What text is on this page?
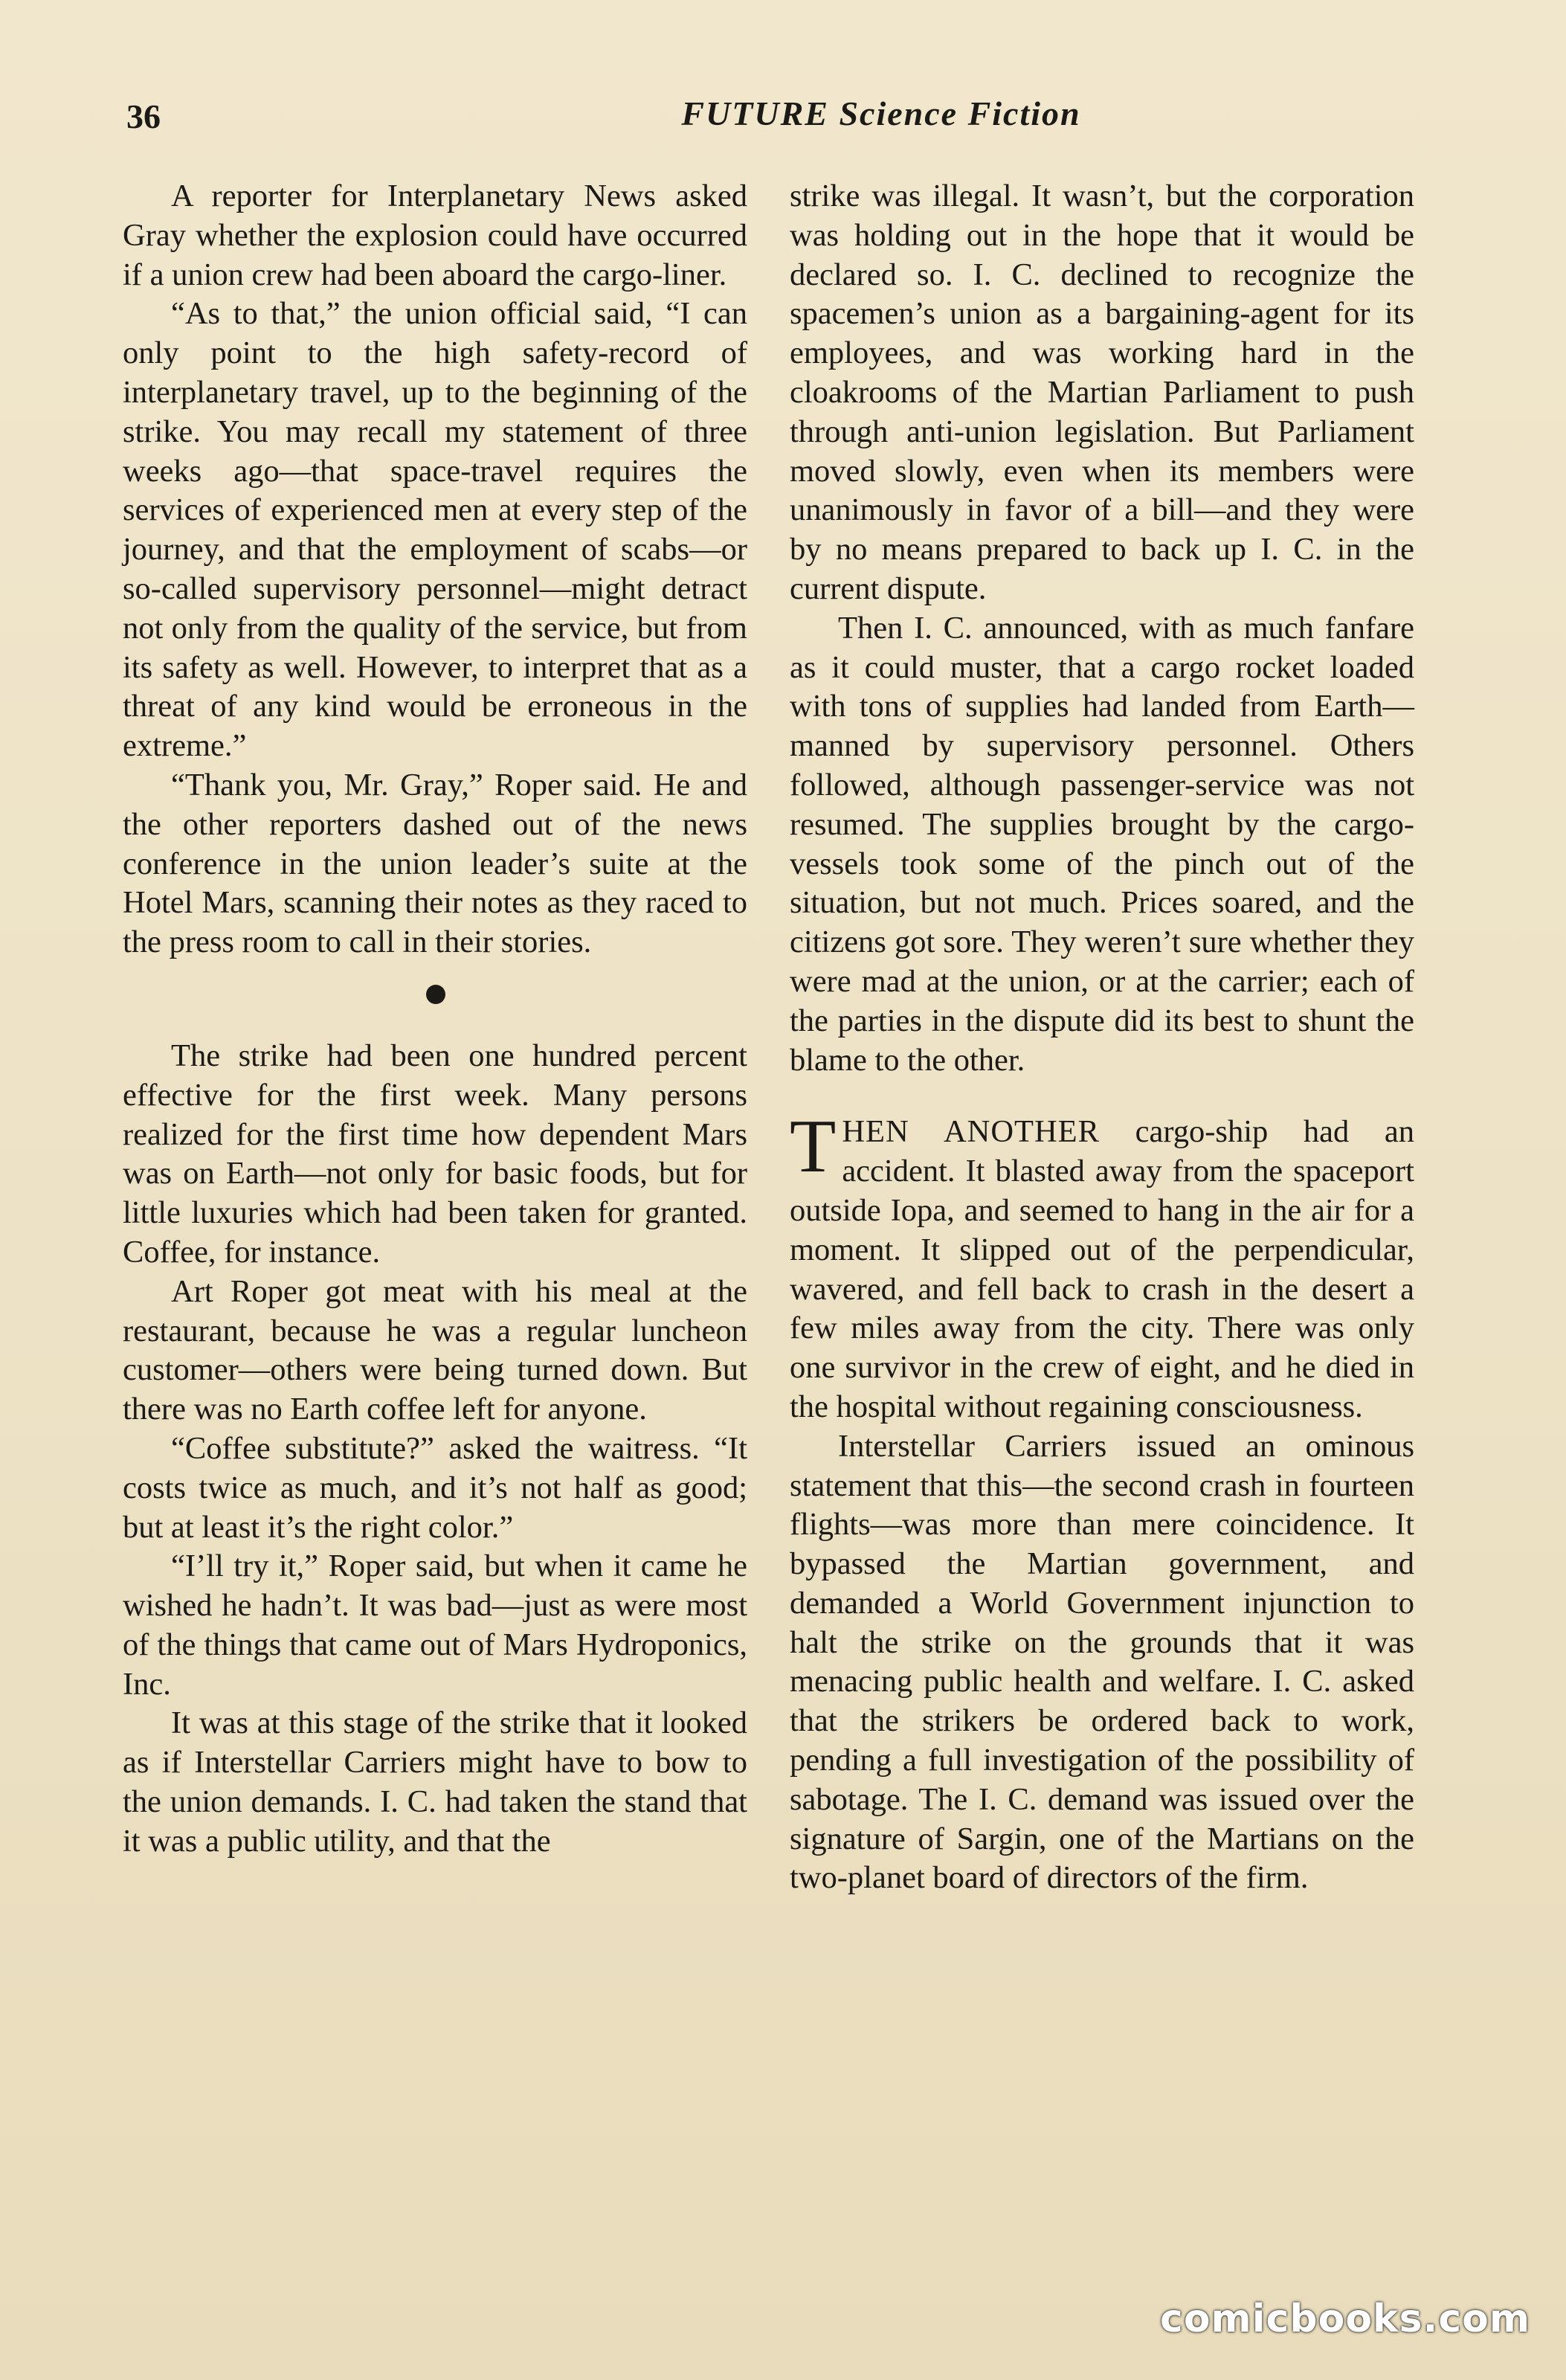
36	FUTURE Science Fiction

A reporter for Interplanetary News asked Gray whether the explosion could have occurred if a union crew had been aboard the cargo-liner.

“As to that,” the union official said, “I can only point to the high safety-record of interplanetary travel, up to the beginning of the strike. You may recall my statement of three weeks ago—that space-travel requires the services of experienced men at every step of the journey, and that the employment of scabs—or so-called supervisory personnel—might detract not only from the quality of the service, but from its safety as well. However, to interpret that as a threat of any kind would be erroneous in the extreme.”

“Thank you, Mr. Gray,” Roper said. He and the other reporters dashed out of the news conference in the union leader’s suite at the Hotel Mars, scanning their notes as they raced to the press room to call in their stories.

The strike had been one hundred percent effective for the first week. Many persons realized for the first time how dependent Mars was on Earth—not only for basic foods, but for little luxuries which had been taken for granted. Coffee, for instance.

Art Roper got meat with his meal at the restaurant, because he was a regular luncheon customer—others were being turned down. But there was no Earth coffee left for anyone.

“Coffee substitute?” asked the waitress. “It costs twice as much, and it’s not half as good; but at least it’s the right color.”

“I’ll try it,” Roper said, but when it came he wished he hadn’t. It was bad—just as were most of the things that came out of Mars Hydroponics, Inc.

It was at this stage of the strike that it looked as if Interstellar Carriers might have to bow to the union demands. I. C. had taken the stand that it was a public utility, and that the

strike was illegal. It wasn’t, but the corporation was holding out in the hope that it would be declared so. I. C. declined to recognize the spacemen’s union as a bargaining-agent for its employees, and was working hard in the cloakrooms of the Martian Parliament to push through anti-union legislation. But Parliament moved slowly, even when its members were unanimously in favor of a bill—and they were by no means prepared to back up I. C. in the current dispute.

Then I. C. announced, with as much fanfare as it could muster, that a cargo rocket loaded with tons of supplies had landed from Earth—manned by supervisory personnel. Others followed, although passenger-service was not resumed. The supplies brought by the cargo-vessels took some of the pinch out of the situation, but not much. Prices soared, and the citizens got sore. They weren’t sure whether they were mad at the union, or at the carrier; each of the parties in the dispute did its best to shunt the blame to the other.

THEN ANOTHER cargo-ship had an accident. It blasted away from the spaceport outside Iopa, and seemed to hang in the air for a moment. It slipped out of the perpendicular, wavered, and fell back to crash in the desert a few miles away from the city. There was only one survivor in the crew of eight, and he died in the hospital without regaining consciousness.

Interstellar Carriers issued an ominous statement that this—the second crash in fourteen flights—was more than mere coincidence. It bypassed the Martian government, and demanded a World Government injunction to halt the strike on the grounds that it was menacing public health and welfare. I. C. asked that the strikers be ordered back to work, pending a full investigation of the possibility of sabotage. The I. C. demand was issued over the signature of Sargin, one of the Martians on the two-planet board of directors of the firm.

comicbooks.com
